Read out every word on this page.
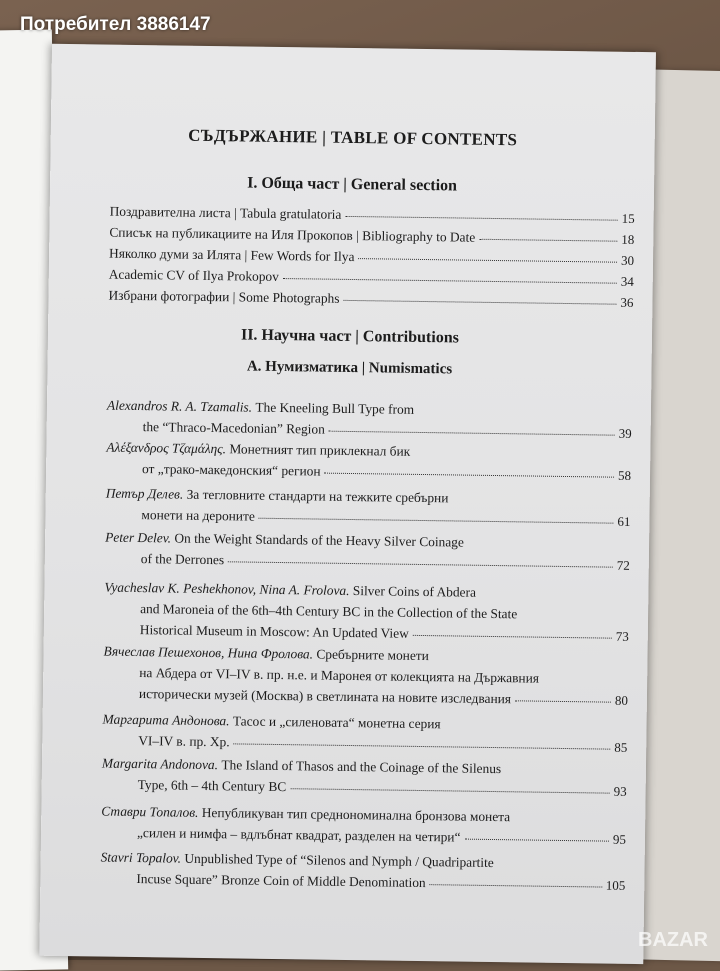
СЪДЪРЖАНИЕ | TABLE OF CONTENTS
I. Обща част | General section
Поздравителна листа | Tabula gratulatoria	15
Списък на публикациите на Иля Прокопов | Bibliography to Date	18
Няколко думи за Илята | Few Words for Ilya	30
Academic CV of Ilya Prokopov	34
Избрани фотографии | Some Photographs	36
II. Научна част | Contributions
A. Нумизматика | Numismatics
Alexandros R. A. Tzamalis.
The Kneeling Bull Type from
the “Thraco-Macedonian” Region	39
Αλέξανδρος Τζαμάλης.
Монетният тип приклекнал бик
от „трако-македонския“ регион	58
Петър Делев.
За тегловните стандарти на тежките сребърни
монети на дероните	61
Peter Delev.
On the Weight Standards of the Heavy Silver Coinage
of the Derrones	72
Vyacheslav K. Peshekhonov, Nina A. Frolova.
Silver Coins of Abdera
and Maroneia of the 6th–4th Century BC in the Collection of the State
Historical Museum in Moscow: An Updated View	73
Вячеслав Пешехонов, Нина Фролова.
Сребърните монети
на Абдера от VI–IV в. пр. н.е. и Маронея от колекцията на Държавния
исторически музей (Москва) в светлината на новите изследвания	80
Маргарита Андонова.
Тасос и „силеновата“ монетна серия
VI–IV в. пр. Хр.	85
Margarita Andonova.
The Island of Thasos and the Coinage of the Silenus
Type, 6th – 4th Century BC	93
Ставри Топалов.
Непубликуван тип среднономинална бронзова монета
„силен и нимфа – вдлъбнат квадрат, разделен на четири“	95
Stavri Topalov.
Unpublished Type of “Silenos and Nymph / Quadripartite
Incuse Square” Bronze Coin of Middle Denomination	105
Потребител 3886147
BAZAR
